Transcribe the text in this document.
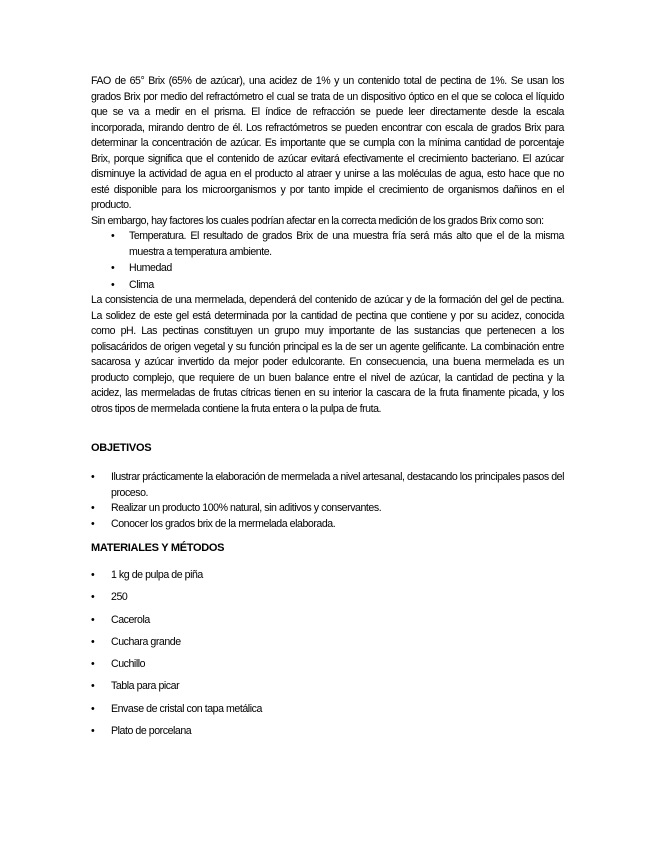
FAO de 65° Brix (65% de azúcar), una acidez de 1% y un contenido total de pectina de 1%. Se usan los grados Brix por medio del refractómetro el cual se trata de un dispositivo óptico en el que se coloca el líquido que se va a medir en el prisma. El índice de refracción se puede leer directamente desde la escala incorporada, mirando dentro de él. Los refractómetros se pueden encontrar con escala de grados Brix para determinar la concentración de azúcar. Es importante que se cumpla con la mínima cantidad de porcentaje Brix, porque significa que el contenido de azúcar evitará efectivamente el crecimiento bacteriano. El azúcar disminuye la actividad de agua en el producto al atraer y unirse a las moléculas de agua, esto hace que no esté disponible para los microorganismos y por tanto impide el crecimiento de organismos dañinos en el producto.

Sin embargo, hay factores los cuales podrían afectar en la correcta medición de los grados Brix como son:

• Temperatura. El resultado de grados Brix de una muestra fría será más alto que el de la misma muestra a temperatura ambiente.
• Humedad
• Clima

La consistencia de una mermelada, dependerá del contenido de azúcar y de la formación del gel de pectina. La solidez de este gel está determinada por la cantidad de pectina que contiene y por su acidez, conocida como pH. Las pectinas constituyen un grupo muy importante de las sustancias que pertenecen a los polisacáridos de origen vegetal y su función principal es la de ser un agente gelificante. La combinación entre sacarosa y azúcar invertido da mejor poder edulcorante. En consecuencia, una buena mermelada es un producto complejo, que requiere de un buen balance entre el nivel de azúcar, la cantidad de pectina y la acidez, las mermeladas de frutas cítricas tienen en su interior la cascara de la fruta finamente picada, y los otros tipos de mermelada contiene la fruta entera o la pulpa de fruta.

OBJETIVOS
• Ilustrar prácticamente la elaboración de mermelada a nivel artesanal, destacando los principales pasos del proceso.
• Realizar un producto 100% natural, sin aditivos y conservantes.
• Conocer los grados brix de la mermelada elaborada.
MATERIALES Y MÉTODOS
• 1 kg de pulpa de piña
• 250
• Cacerola
• Cuchara grande
• Cuchillo
• Tabla para picar
• Envase de cristal con tapa metálica
• Plato de porcelana
